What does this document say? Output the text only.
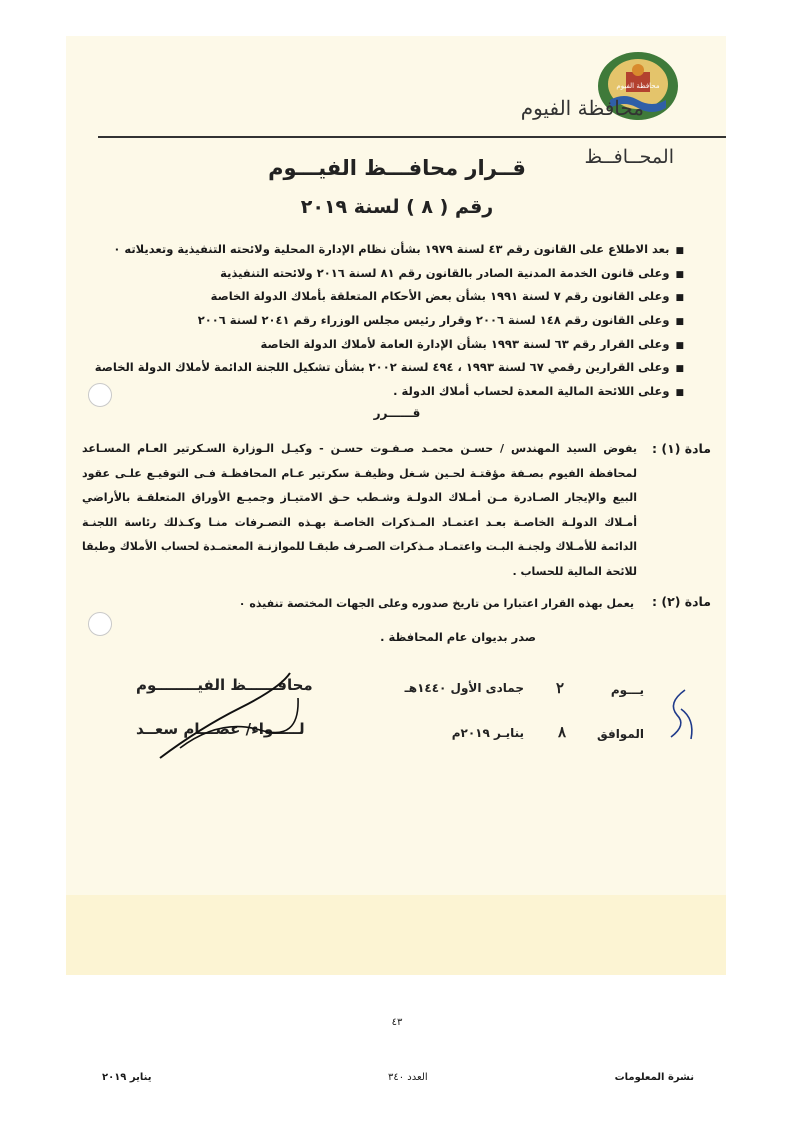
محافظة الفيوم
محافظة الفيوم
المحــافــظ
قــرار محافـــظ الفيـــوم
رقم ( ٨ ) لسنة ٢٠١٩
■بعد الاطلاع على القانون رقم ٤٣ لسنة ١٩٧٩ بشأن نظام الإدارة المحلية ولائحته التنفيذية وتعديلاته ٠
■وعلى قانون الخدمة المدنية الصادر بالقانون رقم ٨١ لسنة ٢٠١٦ ولائحته التنفيذية
■وعلى القانون رقم ٧ لسنة ١٩٩١ بشأن بعض الأحكام المتعلقة بأملاك الدولة الخاصة
■وعلى القانون رقم ١٤٨ لسنة ٢٠٠٦ وقرار رئيس مجلس الوزراء رقم ٢٠٤١ لسنة ٢٠٠٦
■وعلى القرار رقم ٦٣ لسنة ١٩٩٣ بشأن الإدارة العامة لأملاك الدولة الخاصة
■وعلى القرارين رقمي ٦٧ لسنة ١٩٩٣ ، ٤٩٤ لسنة ٢٠٠٢ بشأن تشكيل اللجنة الدائمة لأملاك الدولة الخاصة
■وعلى اللائحة المالية المعدة لحساب أملاك الدولة .
قــــــرر
مادة (١) :
يفوض السيد المهندس / حسـن محمـد صـفـوت حسـن - وكيـل الـوزارة السـكرتير العـام المسـاعد لمحافظة الفيوم بصـفة مؤقتـة لحـين شـغل وظيفـة سكرتير عـام المحافظـة فـى التوقيـع علـى عقود البيع والإيجار الصـادرة مـن أمـلاك الدولـة وشـطب حـق الامتيـاز وجميـع الأوراق المتعلقـة بالأراضي أمـلاك الدولـة الخاصـة بعـد اعتمـاد المـذكرات الخاصـة بهـذه التصـرفات منـا وكـذلك رئاسة اللجنـة الدائمة للأمـلاك ولجنـة البـت واعتمـاد مـذكرات الصـرف طبقـا للموازنـة المعتمـدة لحساب الأملاك وطبقا للائحة المالية للحساب .
مادة (٢) :
يعمل بهذه القرار اعتبارا من تاريخ صدوره وعلى الجهات المختصة تنفيذه ٠
صدر بديوان عام المحافظة .
محافــــــظ الفيــــــــوم
لـــــواء/ عصـــام سعــد
يـــوم
٢
جمادى الأول ١٤٤٠هـ
الموافق
٨
ينايـر ٢٠١٩م
٤٣
نشرة المعلومات
العدد ٣٤٠
يناير ٢٠١٩
